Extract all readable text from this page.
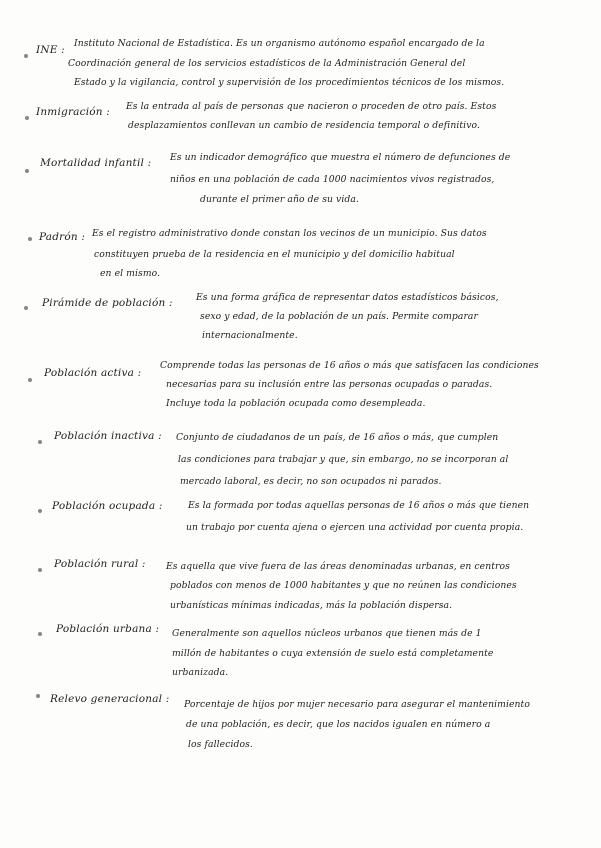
INE :
Instituto Nacional de Estadística. Es un organismo autónomo español encargado de la
Coordinación general de los servicios estadísticos de la Administración General del
Estado y la vigilancia, control y supervisión de los procedimientos técnicos de los mismos.
Inmigración : Es la entrada al país de personas que nacieron o proceden de otro país. Estos
desplazamientos conllevan un cambio de residencia temporal o definitivo.
Mortalidad infantil : Es un indicador demográfico que muestra el número de defunciones de
niños en una población de cada 1000 nacimientos vivos registrados,
durante el primer año de su vida.
Padrón : Es el registro administrativo donde constan los vecinos de un municipio. Sus datos
constituyen prueba de la residencia en el municipio y del domicilio habitual
en el mismo.
Pirámide de población :	Es una forma gráfica de representar datos estadísticos básicos,
sexo y edad, de la población de un país. Permite comparar
internacionalmente.
Población activa :
Comprende todas las personas de 16 años o más que satisfacen las condiciones
necesarias para su inclusión entre las personas ocupadas o paradas.
Incluye toda la población ocupada como desempleada.
Población inactiva : Conjunto de ciudadanos de un país, de 16 años o más, que cumplen
las condiciones para trabajar y que, sin embargo, no se incorporan al
mercado laboral, es decir, no son ocupados ni parados.
Población ocupada :	Es la formada por todas aquellas personas de 16 años o más que tienen
un trabajo por cuenta ajena o ejercen una actividad por cuenta propia.
Población rural : Es aquella que vive fuera de las áreas denominadas urbanas, en centros
poblados con menos de 1000 habitantes y que no reúnen las condiciones
urbanísticas mínimas indicadas, más la población dispersa.
Población urbana : Generalmente son aquellos núcleos urbanos que tienen más de 1
millón de habitantes o cuya extensión de suelo está completamente
urbanizada.
Relevo generacional : Porcentaje de hijos por mujer necesario para asegurar el mantenimiento
de una población, es decir, que los nacidos igualen en número a
los fallecidos.
